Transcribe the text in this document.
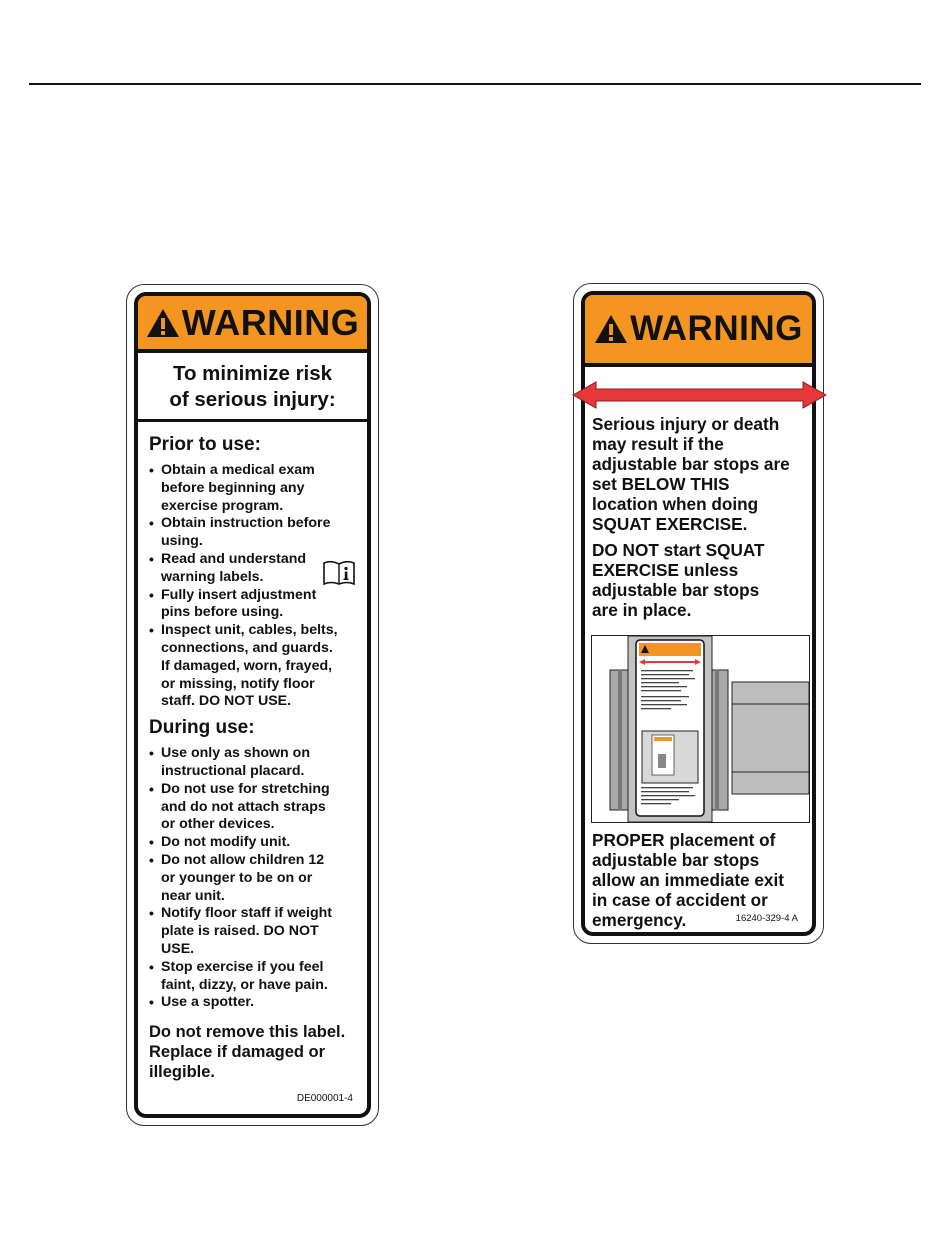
WARNING
To minimize risk
of serious injury:
Prior to use:
• Obtain a medical exam
before beginning any
exercise program.
• Obtain instruction before
using.
• Read and understand
warning labels.
• Fully insert adjustment
pins before using.
• Inspect unit, cables, belts,
connections, and guards.
If damaged, worn, frayed,
or missing, notify floor
staff. DO NOT USE.
During use:
• Use only as shown on
instructional placard.
• Do not use for stretching
and do not attach straps
or other devices.
• Do not modify unit.
• Do not allow children 12
or younger to be on or
near unit.
• Notify floor staff if weight
plate is raised. DO NOT
USE.
• Stop exercise if you feel
faint, dizzy, or have pain.
• Use a spotter.
Do not remove this label.
Replace if damaged or
illegible.
DE000001-4
WARNING
Serious injury or death
may result if the
adjustable bar stops are
set BELOW THIS
location when doing
SQUAT EXERCISE.
DO NOT start SQUAT
EXERCISE unless
adjustable bar stops
are in place.
PROPER placement of
adjustable bar stops
allow an immediate exit
in case of accident or
emergency.	16240-329-4 A
